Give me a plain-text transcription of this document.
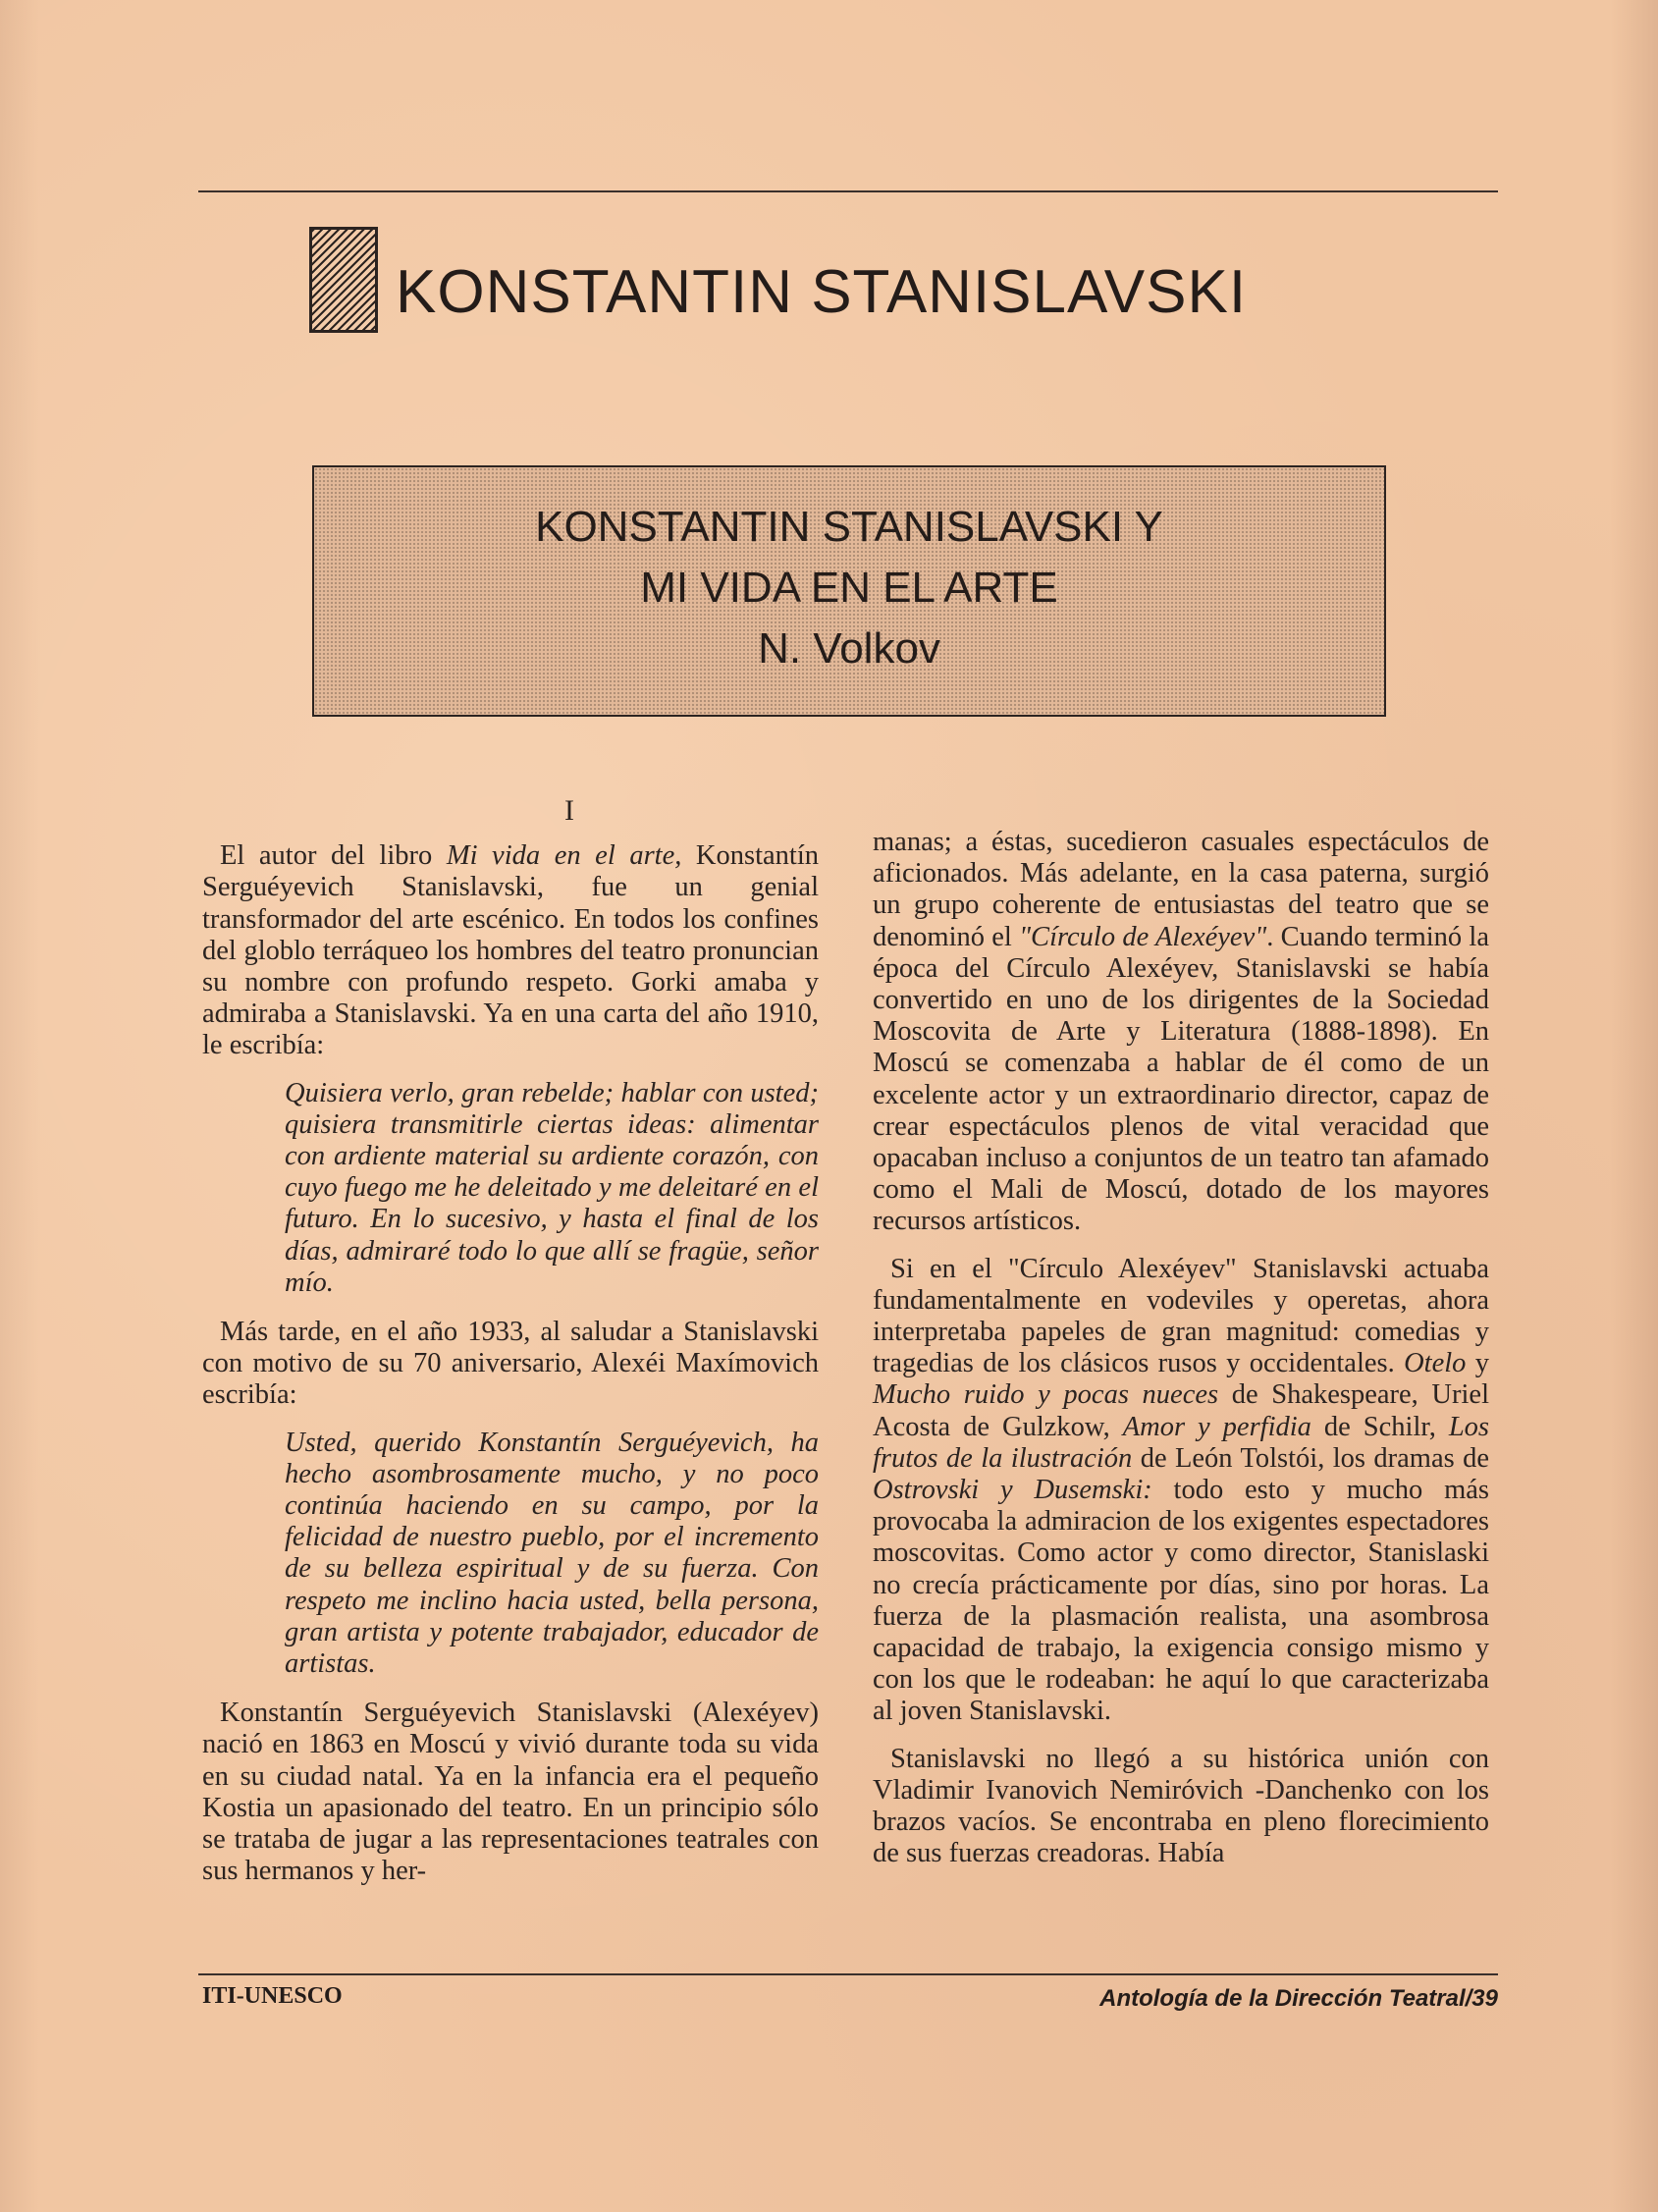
KONSTANTIN STANISLAVSKI
KONSTANTIN STANISLAVSKI Y
MI VIDA EN EL ARTE
N. Volkov
I

El autor del libro Mi vida en el arte, Konstantín Serguéyevich Stanislavski, fue un genial transformador del arte escénico. En todos los confines del globlo terráqueo los hombres del teatro pronuncian su nombre con profundo respeto. Gorki amaba y admiraba a Stanislavski. Ya en una carta del año 1910, le escribía:

Quisiera verlo, gran rebelde; hablar con usted; quisiera transmitirle ciertas ideas: alimentar con ardiente material su ardiente corazón, con cuyo fuego me he deleitado y me deleitaré en el futuro. En lo sucesivo, y hasta el final de los días, admiraré todo lo que allí se fragüe, señor mío.

Más tarde, en el año 1933, al saludar a Stanislavski con motivo de su 70 aniversario, Alexéi Maxímovich escribía:

Usted, querido Konstantín Serguéyevich, ha hecho asombrosamente mucho, y no poco continúa haciendo en su campo, por la felicidad de nuestro pueblo, por el incremento de su belleza espiritual y de su fuerza. Con respeto me inclino hacia usted, bella persona, gran artista y potente trabajador, educador de artistas.

Konstantín Serguéyevich Stanislavski (Alexéyev) nació en 1863 en Moscú y vivió durante toda su vida en su ciudad natal. Ya en la infancia era el pequeño Kostia un apasionado del teatro. En un principio sólo se trataba de jugar a las representaciones teatrales con sus hermanos y her-

manas; a éstas, sucedieron casuales espectáculos de aficionados. Más adelante, en la casa paterna, surgió un grupo coherente de entusiastas del teatro que se denominó el "Círculo de Alexéyev". Cuando terminó la época del Círculo Alexéyev, Stanislavski se había convertido en uno de los dirigentes de la Sociedad Moscovita de Arte y Literatura (1888-1898). En Moscú se comenzaba a hablar de él como de un excelente actor y un extraordinario director, capaz de crear espectáculos plenos de vital veracidad que opacaban incluso a conjuntos de un teatro tan afamado como el Mali de Moscú, dotado de los mayores recursos artísticos.

Si en el "Círculo Alexéyev" Stanislavski actuaba fundamentalmente en vodeviles y operetas, ahora interpretaba papeles de gran magnitud: comedias y tragedias de los clásicos rusos y occidentales. Otelo y Mucho ruido y pocas nueces de Shakespeare, Uriel Acosta de Gulzkow, Amor y perfidia de Schilr, Los frutos de la ilustración de León Tolstói, los dramas de Ostrovski y Dusemski: todo esto y mucho más provocaba la admiracion de los exigentes espectadores moscovitas. Como actor y como director, Stanislaski no crecía prácticamente por días, sino por horas. La fuerza de la plasmación realista, una asombrosa capacidad de trabajo, la exigencia consigo mismo y con los que le rodeaban: he aquí lo que caracterizaba al joven Stanislavski.

Stanislavski no llegó a su histórica unión con Vladimir Ivanovich Nemiróvich -Danchenko con los brazos vacíos. Se encontraba en pleno florecimiento de sus fuerzas creadoras. Había

ITI-UNESCO	Antología de la Dirección Teatral/39
